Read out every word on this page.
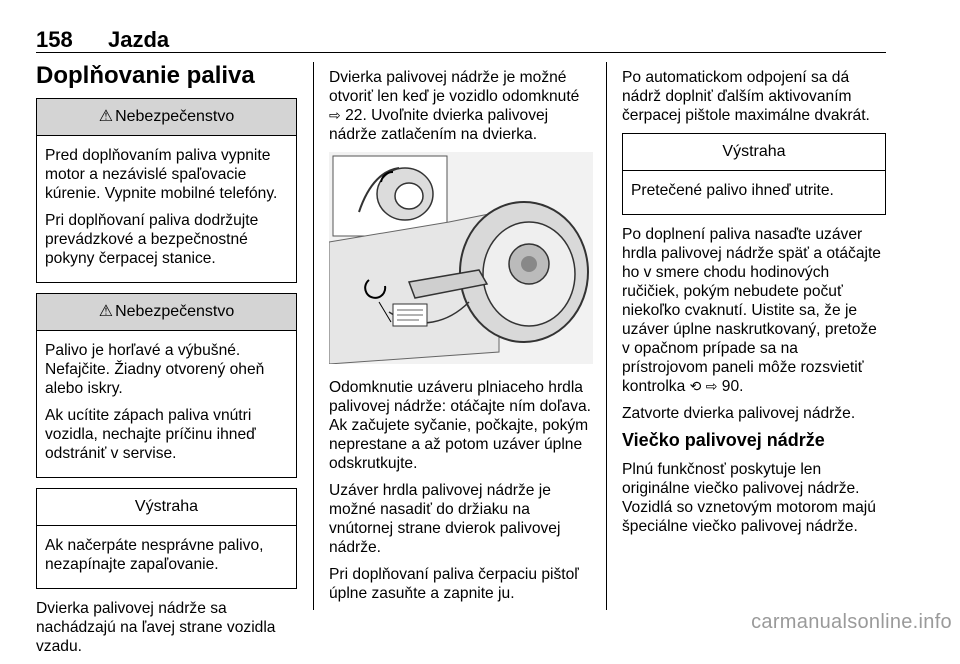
158 Jazda
Doplňovanie paliva
⚠ Nebezpečenstvo

Pred doplňovaním paliva vypnite motor a nezávislé spaľovacie kúrenie. Vypnite mobilné telefóny.

Pri doplňovaní paliva dodržujte prevádzkové a bezpečnostné pokyny čerpacej stanice.

⚠ Nebezpečenstvo

Palivo je horľavé a výbušné. Nefajčite. Žiadny otvorený oheň alebo iskry.

Ak ucítite zápach paliva vnútri vozidla, nechajte príčinu ihneď odstrániť v servise.

Výstraha

Ak načerpáte nesprávne palivo, nezapínajte zapaľovanie.

Dvierka palivovej nádrže sa nachádzajú na ľavej strane vozidla vzadu.

Dvierka palivovej nádrže je možné otvoriť len keď je vozidlo odomknuté ⇨ 22. Uvoľnite dvierka palivovej nádrže zatlačením na dvierka.

Odomknutie uzáveru plniaceho hrdla palivovej nádrže: otáčajte ním doľava. Ak začujete syčanie, počkajte, pokým neprestane a až potom uzáver úplne odskrutkujte.

Uzáver hrdla palivovej nádrže je možné nasadiť do držiaku na vnútornej strane dvierok palivovej nádrže.

Pri doplňovaní paliva čerpaciu pištoľ úplne zasuňte a zapnite ju.

Po automatickom odpojení sa dá nádrž doplniť ďalším aktivovaním čerpacej pištole maximálne dvakrát.

Výstraha

Pretečené palivo ihneď utrite.

Po doplnení paliva nasaďte uzáver hrdla palivovej nádrže späť a otáčajte ho v smere chodu hodinových ručičiek, pokým nebudete počuť niekoľko cvaknutí. Uistite sa, že je uzáver úplne naskrutkovaný, pretože v opačnom prípade sa na prístrojovom paneli môže rozsvietiť kontrolka ⟲ ⇨ 90.

Zatvorte dvierka palivovej nádrže.

Viečko palivovej nádrže

Plnú funkčnosť poskytuje len originálne viečko palivovej nádrže. Vozidlá so vznetovým motorom majú špeciálne viečko palivovej nádrže.

carmanualsonline.info
